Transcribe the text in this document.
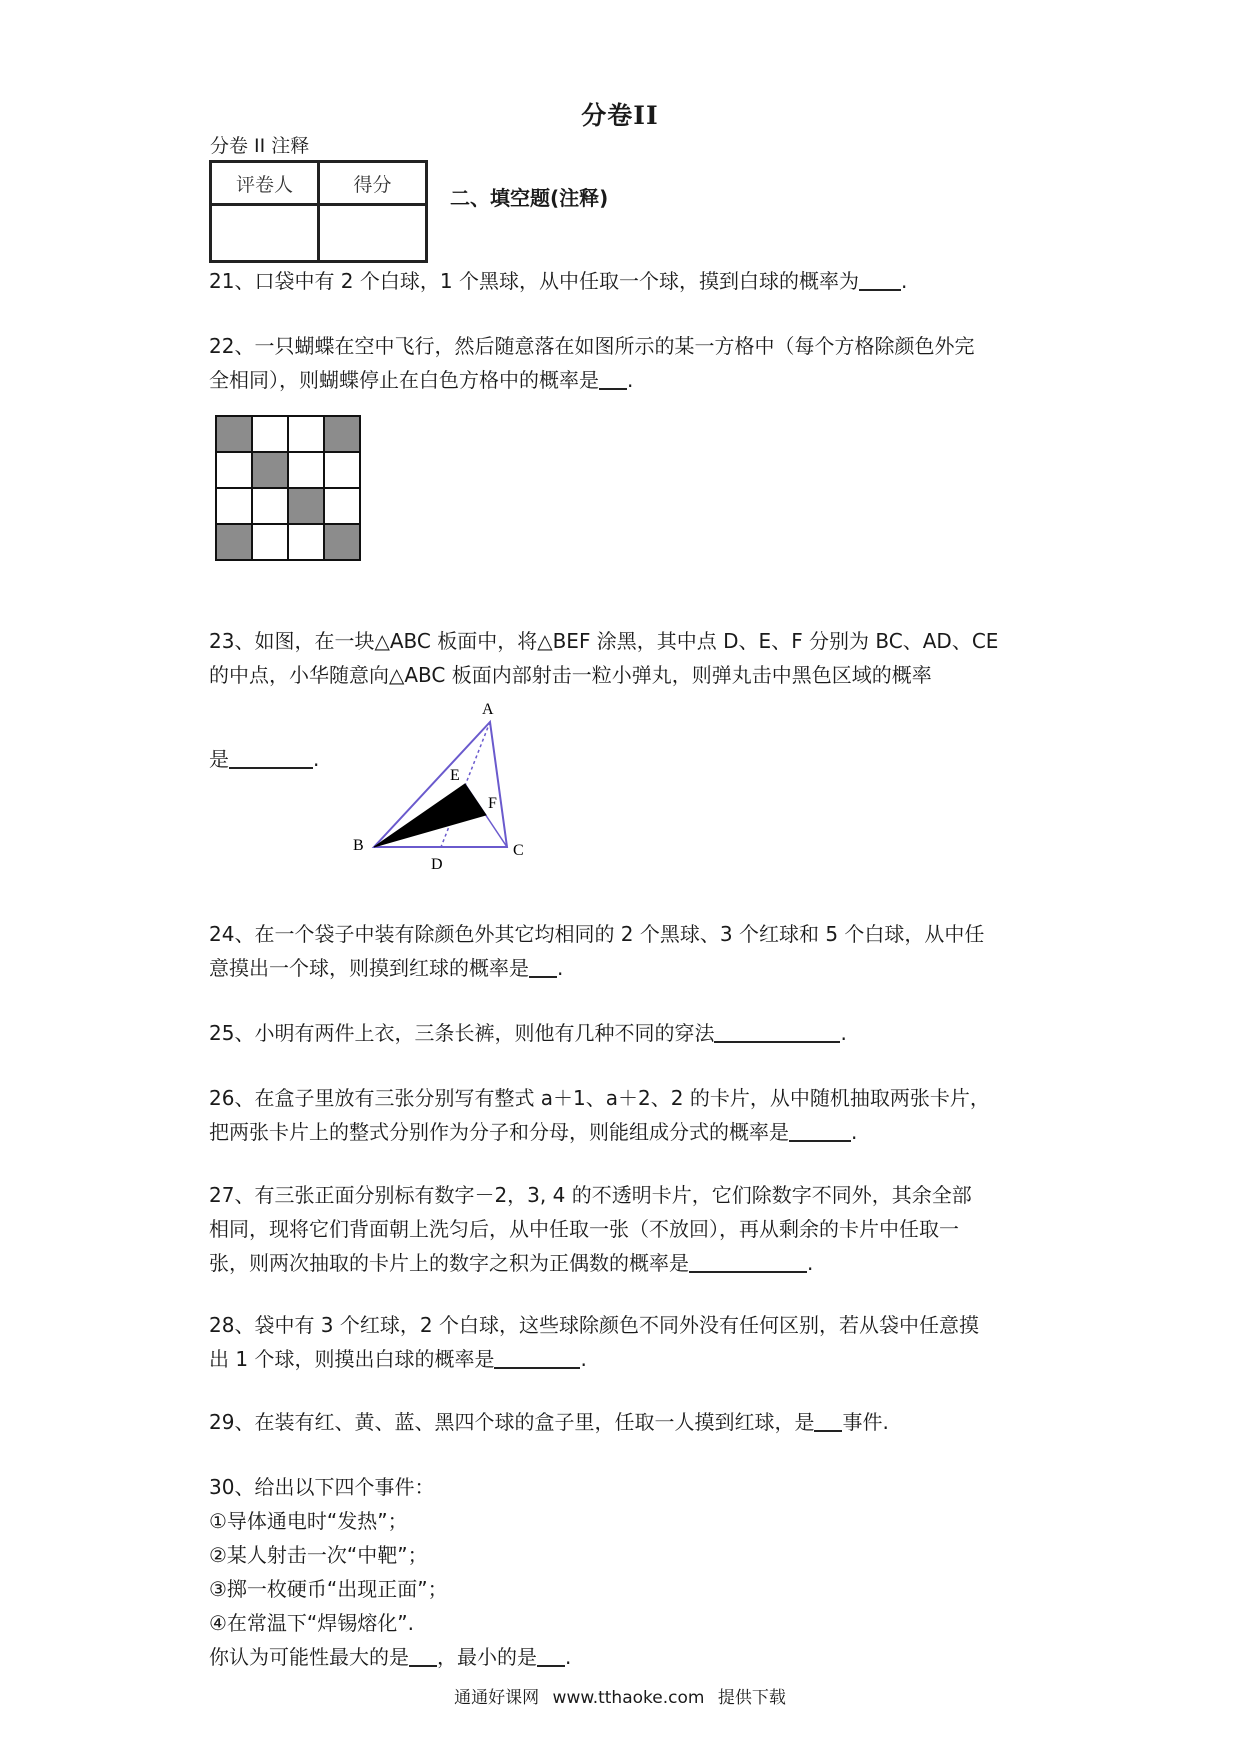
分卷II
分卷 II 注释
评卷人	得分

二、填空题(注释)
21、口袋中有 2 个白球，1 个黑球，从中任取一个球，摸到白球的概率为 .
22、一只蝴蝶在空中飞行，然后随意落在如图所示的某一方格中（每个方格除颜色外完
全相同），则蝴蝶停止在白色方格中的概率是 .
23、如图，在一块△ABC 板面中，将△BEF 涂黑，其中点 D、E、F 分别为 BC、AD、CE
的中点，小华随意向△ABC 板面内部射击一粒小弹丸，则弹丸击中黑色区域的概率
是	.
A
B	C
D
E
F
24、在一个袋子中装有除颜色外其它均相同的 2 个黑球、3 个红球和 5 个白球，从中任
意摸出一个球，则摸到红球的概率是 .
25、小明有两件上衣，三条长裤，则他有几种不同的穿法	.
26、在盒子里放有三张分别写有整式 a＋1、a＋2、2 的卡片，从中随机抽取两张卡片，
把两张卡片上的整式分别作为分子和分母，则能组成分式的概率是	.
27、有三张正面分别标有数字－2，3, 4 的不透明卡片，它们除数字不同外，其余全部
相同，现将它们背面朝上洗匀后，从中任取一张（不放回），再从剩余的卡片中任取一
张，则两次抽取的卡片上的数字之积为正偶数的概率是	.
28、袋中有 3 个红球，2 个白球，这些球除颜色不同外没有任何区别，若从袋中任意摸
出 1 个球，则摸出白球的概率是	.
29、在装有红、黄、蓝、黑四个球的盒子里，任取一人摸到红球，是 事件.
30、给出以下四个事件：
①导体通电时“发热”；
②某人射击一次“中靶”；
③掷一枚硬币“出现正面”；
④在常温下“焊锡熔化”.
你认为可能性最大的是 ，最小的是 .
通通好课网 www.tthaoke.com 提供下载
